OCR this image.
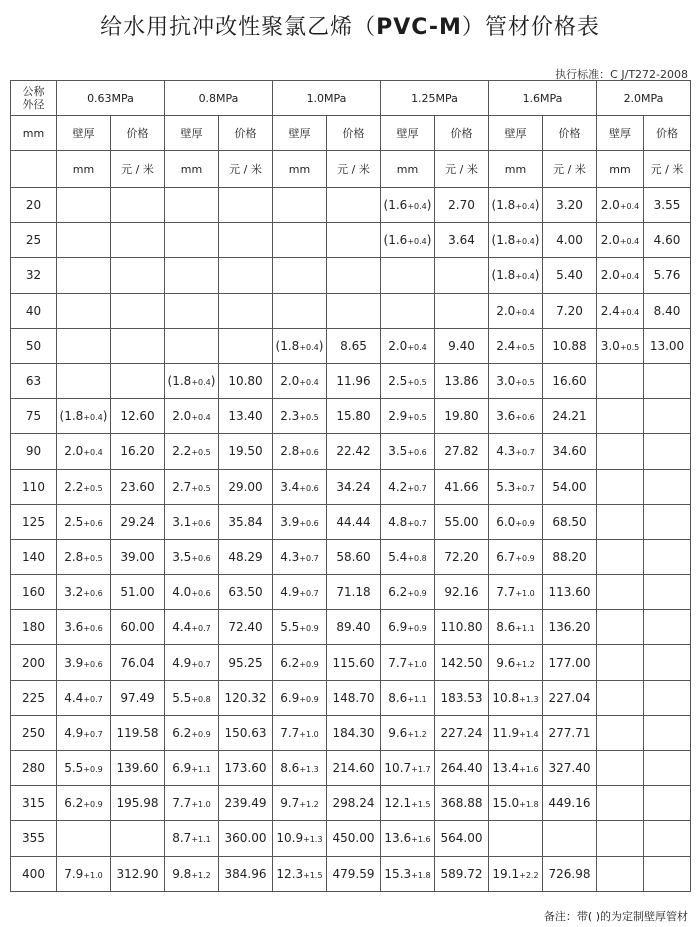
给水用抗冲改性聚氯乙烯（PVC-M）管材价格表
执行标准：C J/T272-2008
公称
外径	0.63MPa		0.8MPa		1.0MPa		1.25MPa		1.6MPa		2.0MPa	
mm	壁厚	价格	壁厚	价格	壁厚	价格	壁厚	价格	壁厚	价格	壁厚	价格
	mm	元 / 米	mm	元 / 米	mm	元 / 米	mm	元 / 米	mm	元 / 米	mm	元 / 米
20							(1.6+0.4)	2.70	(1.8+0.4)	3.20	2.0+0.4	3.55
25							(1.6+0.4)	3.64	(1.8+0.4)	4.00	2.0+0.4	4.60
32									(1.8+0.4)	5.40	2.0+0.4	5.76
40									2.0+0.4	7.20	2.4+0.4	8.40
50					(1.8+0.4)	8.65	2.0+0.4	9.40	2.4+0.5	10.88	3.0+0.5	13.00
63			(1.8+0.4)	10.80	2.0+0.4	11.96	2.5+0.5	13.86	3.0+0.5	16.60		
75	(1.8+0.4)	12.60	2.0+0.4	13.40	2.3+0.5	15.80	2.9+0.5	19.80	3.6+0.6	24.21		
90	2.0+0.4	16.20	2.2+0.5	19.50	2.8+0.6	22.42	3.5+0.6	27.82	4.3+0.7	34.60		
110	2.2+0.5	23.60	2.7+0.5	29.00	3.4+0.6	34.24	4.2+0.7	41.66	5.3+0.7	54.00		
125	2.5+0.6	29.24	3.1+0.6	35.84	3.9+0.6	44.44	4.8+0.7	55.00	6.0+0.9	68.50		
140	2.8+0.5	39.00	3.5+0.6	48.29	4.3+0.7	58.60	5.4+0.8	72.20	6.7+0.9	88.20		
160	3.2+0.6	51.00	4.0+0.6	63.50	4.9+0.7	71.18	6.2+0.9	92.16	7.7+1.0	113.60		
180	3.6+0.6	60.00	4.4+0.7	72.40	5.5+0.9	89.40	6.9+0.9	110.80	8.6+1.1	136.20		
200	3.9+0.6	76.04	4.9+0.7	95.25	6.2+0.9	115.60	7.7+1.0	142.50	9.6+1.2	177.00		
225	4.4+0.7	97.49	5.5+0.8	120.32	6.9+0.9	148.70	8.6+1.1	183.53	10.8+1.3	227.04		
250	4.9+0.7	119.58	6.2+0.9	150.63	7.7+1.0	184.30	9.6+1.2	227.24	11.9+1.4	277.71		
280	5.5+0.9	139.60	6.9+1.1	173.60	8.6+1.3	214.60	10.7+1.7	264.40	13.4+1.6	327.40		
315	6.2+0.9	195.98	7.7+1.0	239.49	9.7+1.2	298.24	12.1+1.5	368.88	15.0+1.8	449.16		
355			8.7+1.1	360.00	10.9+1.3	450.00	13.6+1.6	564.00				
400	7.9+1.0	312.90	9.8+1.2	384.96	12.3+1.5	479.59	15.3+1.8	589.72	19.1+2.2	726.98		
备注：带( )的为定制壁厚管材
